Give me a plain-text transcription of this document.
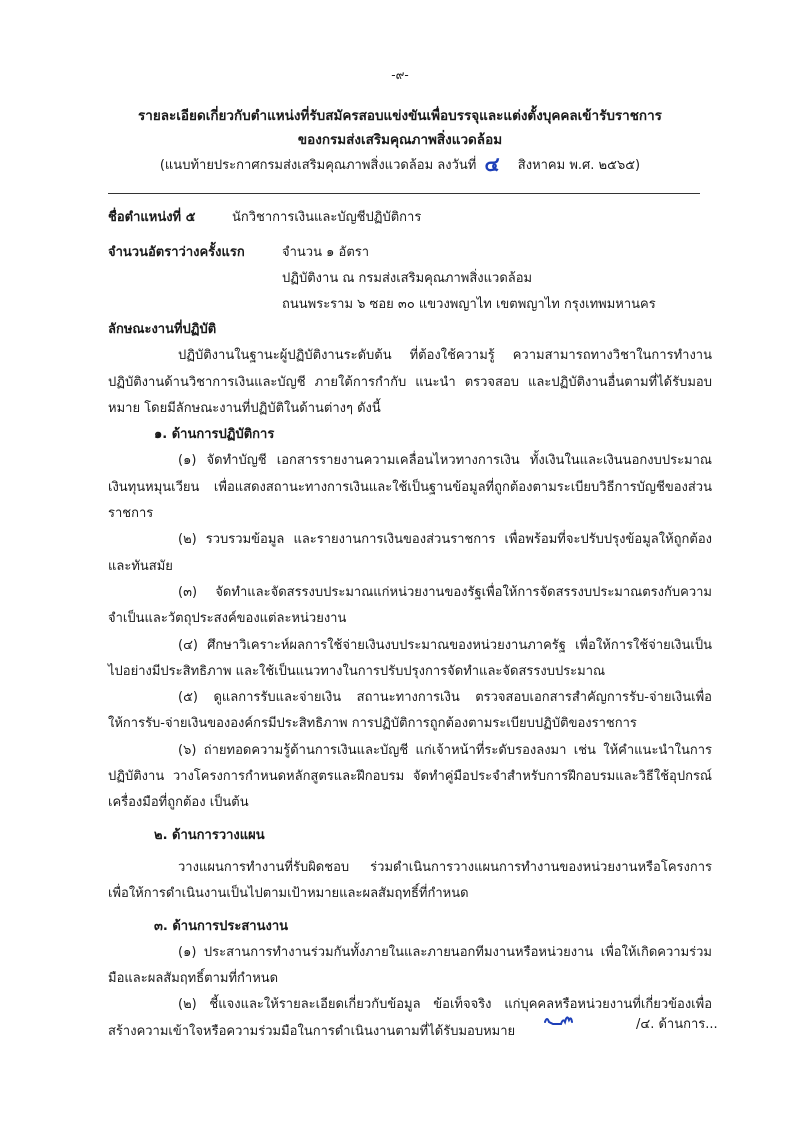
-๙-
รายละเอียดเกี่ยวกับตำแหน่งที่รับสมัครสอบแข่งขันเพื่อบรรจุและแต่งตั้งบุคคลเข้ารับราชการ
ของกรมส่งเสริมคุณภาพสิ่งแวดล้อม
(แนบท้ายประกาศกรมส่งเสริมคุณภาพสิ่งแวดล้อม ลงวันที่ ๔ สิงหาคม พ.ศ. ๒๕๖๕)
ชื่อตำแหน่งที่ ๕	นักวิชาการเงินและบัญชีปฏิบัติการ
จำนวนอัตราว่างครั้งแรก	จำนวน ๑ อัตรา
ปฏิบัติงาน ณ กรมส่งเสริมคุณภาพสิ่งแวดล้อม
ถนนพระราม ๖ ซอย ๓๐ แขวงพญาไท เขตพญาไท กรุงเทพมหานคร

ลักษณะงานที่ปฏิบัติ

ปฏิบัติงานในฐานะผู้ปฏิบัติงานระดับต้น ที่ต้องใช้ความรู้ ความสามารถทางวิชาในการทำงาน ปฏิบัติงานด้านวิชาการเงินและบัญชี ภายใต้การกำกับ แนะนำ ตรวจสอบ และปฏิบัติงานอื่นตามที่ได้รับมอบหมาย โดยมีลักษณะงานที่ปฏิบัติในด้านต่างๆ ดังนี้

๑. ด้านการปฏิบัติการ

(๑) จัดทำบัญชี เอกสารรายงานความเคลื่อนไหวทางการเงิน ทั้งเงินในและเงินนอกงบประมาณ เงินทุนหมุนเวียน เพื่อแสดงสถานะทางการเงินและใช้เป็นฐานข้อมูลที่ถูกต้องตามระเบียบวิธีการบัญชีของส่วนราชการ

(๒) รวบรวมข้อมูล และรายงานการเงินของส่วนราชการ เพื่อพร้อมที่จะปรับปรุงข้อมูลให้ถูกต้องและทันสมัย

(๓) จัดทำและจัดสรรงบประมาณแก่หน่วยงานของรัฐเพื่อให้การจัดสรรงบประมาณตรงกับความจำเป็นและวัตถุประสงค์ของแต่ละหน่วยงาน

(๔) ศึกษาวิเคราะห์ผลการใช้จ่ายเงินงบประมาณของหน่วยงานภาครัฐ เพื่อให้การใช้จ่ายเงินเป็นไปอย่างมีประสิทธิภาพ และใช้เป็นแนวทางในการปรับปรุงการจัดทำและจัดสรรงบประมาณ

(๕) ดูแลการรับและจ่ายเงิน สถานะทางการเงิน ตรวจสอบเอกสารสำคัญการรับ-จ่ายเงินเพื่อให้การรับ-จ่ายเงินขององค์กรมีประสิทธิภาพ การปฏิบัติการถูกต้องตามระเบียบปฏิบัติของราชการ

(๖) ถ่ายทอดความรู้ด้านการเงินและบัญชี แก่เจ้าหน้าที่ระดับรองลงมา เช่น ให้คำแนะนำในการปฏิบัติงาน วางโครงการกำหนดหลักสูตรและฝึกอบรม จัดทำคู่มือประจำสำหรับการฝึกอบรมและวิธีใช้อุปกรณ์เครื่องมือที่ถูกต้อง เป็นต้น

๒. ด้านการวางแผน

วางแผนการทำงานที่รับผิดชอบ ร่วมดำเนินการวางแผนการทำงานของหน่วยงานหรือโครงการ เพื่อให้การดำเนินงานเป็นไปตามเป้าหมายและผลสัมฤทธิ์ที่กำหนด

๓. ด้านการประสานงาน

(๑) ประสานการทำงานร่วมกันทั้งภายในและภายนอกทีมงานหรือหน่วยงาน เพื่อให้เกิดความร่วมมือและผลสัมฤทธิ์ตามที่กำหนด

(๒) ชี้แจงและให้รายละเอียดเกี่ยวกับข้อมูล ข้อเท็จจริง แก่บุคคลหรือหน่วยงานที่เกี่ยวข้องเพื่อสร้างความเข้าใจหรือความร่วมมือในการดำเนินงานตามที่ได้รับมอบหมาย	/๔. ด้านการ...
